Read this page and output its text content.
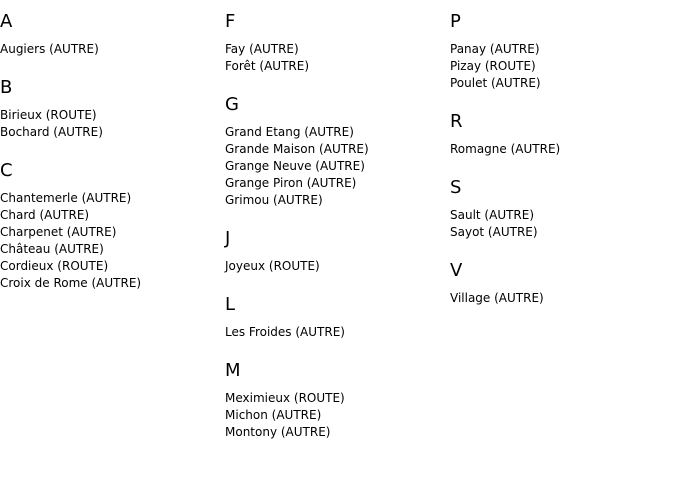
A
Augiers (AUTRE)
B
Birieux (ROUTE)
Bochard (AUTRE)
C
Chantemerle (AUTRE)
Chard (AUTRE)
Charpenet (AUTRE)
Château (AUTRE)
Cordieux (ROUTE)
Croix de Rome (AUTRE)
F
Fay (AUTRE)
Forêt (AUTRE)
G
Grand Etang (AUTRE)
Grande Maison (AUTRE)
Grange Neuve (AUTRE)
Grange Piron (AUTRE)
Grimou (AUTRE)
J
Joyeux (ROUTE)
L
Les Froides (AUTRE)
M
Meximieux (ROUTE)
Michon (AUTRE)
Montony (AUTRE)
P
Panay (AUTRE)
Pizay (ROUTE)
Poulet (AUTRE)
R
Romagne (AUTRE)
S
Sault (AUTRE)
Sayot (AUTRE)
V
Village (AUTRE)
